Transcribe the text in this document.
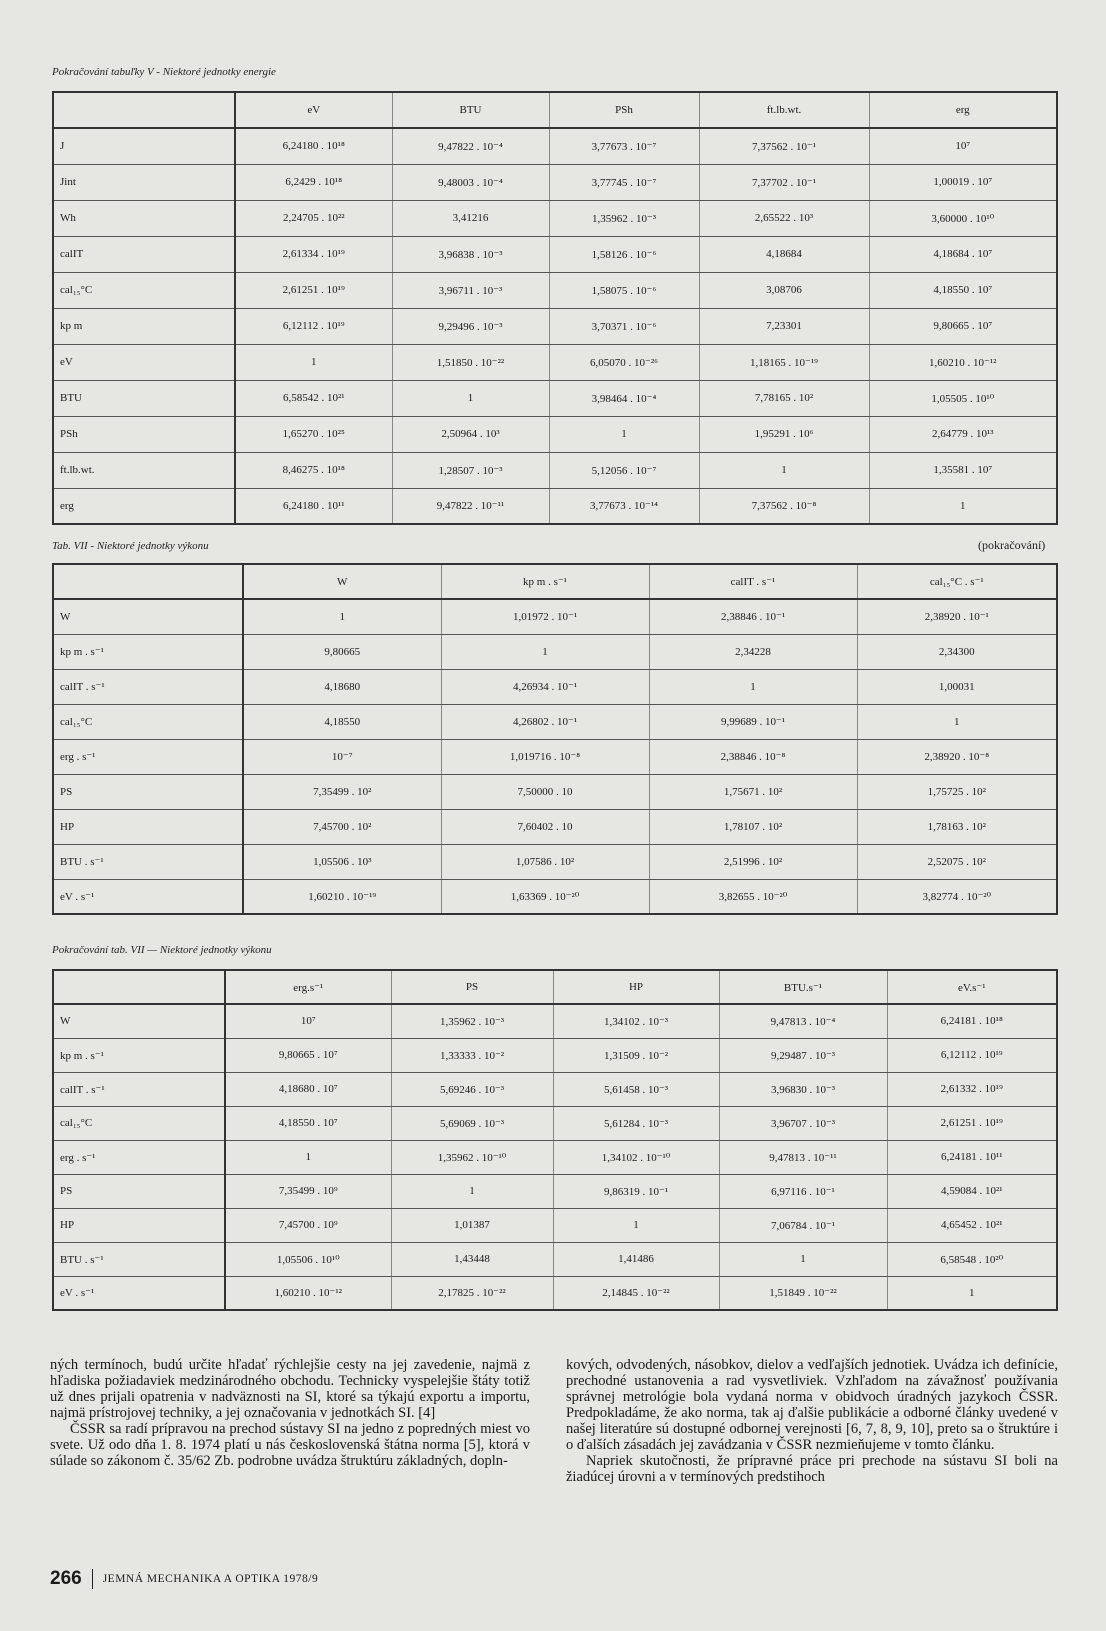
Pokračování tabuľky V - Niektoré jednotky energie
	eV	BTU	PSh	ft.lb.wt.	erg
J	6,24180 . 10¹⁸	9,47822 . 10⁻⁴	3,77673 . 10⁻⁷	7,37562 . 10⁻¹	10⁷
Jint	6,2429 . 10¹⁸	9,48003 . 10⁻⁴	3,77745 . 10⁻⁷	7,37702 . 10⁻¹	1,00019 . 10⁷
Wh	2,24705 . 10²²	3,41216	1,35962 . 10⁻³	2,65522 . 10³	3,60000 . 10¹⁰
calIT	2,61334 . 10¹⁹	3,96838 . 10⁻³	1,58126 . 10⁻⁶	4,18684	4,18684 . 10⁷
cal₁₅°C	2,61251 . 10¹⁹	3,96711 . 10⁻³	1,58075 . 10⁻⁶	3,08706	4,18550 . 10⁷
kp m	6,12112 . 10¹⁹	9,29496 . 10⁻³	3,70371 . 10⁻⁶	7,23301	9,80665 . 10⁷
eV	1	1,51850 . 10⁻²²	6,05070 . 10⁻²⁶	1,18165 . 10⁻¹⁹	1,60210 . 10⁻¹²
BTU	6,58542 . 10²¹	1	3,98464 . 10⁻⁴	7,78165 . 10²	1,05505 . 10¹⁰
PSh	1,65270 . 10²⁵	2,50964 . 10³	1	1,95291 . 10⁶	2,64779 . 10¹³
ft.lb.wt.	8,46275 . 10¹⁸	1,28507 . 10⁻³	5,12056 . 10⁻⁷	1	1,35581 . 10⁷
erg	6,24180 . 10¹¹	9,47822 . 10⁻¹¹	3,77673 . 10⁻¹⁴	7,37562 . 10⁻⁸	1
Tab. VII - Niektoré jednotky výkonu	(pokračování)
	W	kp m . s⁻¹	calIT . s⁻¹	cal₁₅°C . s⁻¹
W	1	1,01972 . 10⁻¹	2,38846 . 10⁻¹	2,38920 . 10⁻¹
kp m . s⁻¹	9,80665	1	2,34228	2,34300
calIT . s⁻¹	4,18680	4,26934 . 10⁻¹	1	1,00031
cal₁₅°C	4,18550	4,26802 . 10⁻¹	9,99689 . 10⁻¹	1
erg . s⁻¹	10⁻⁷	1,019716 . 10⁻⁸	2,38846 . 10⁻⁸	2,38920 . 10⁻⁸
PS	7,35499 . 10²	7,50000 . 10	1,75671 . 10²	1,75725 . 10²
HP	7,45700 . 10²	7,60402 . 10	1,78107 . 10²	1,78163 . 10²
BTU . s⁻¹	1,05506 . 10³	1,07586 . 10²	2,51996 . 10²	2,52075 . 10²
eV . s⁻¹	1,60210 . 10⁻¹⁹	1,63369 . 10⁻²⁰	3,82655 . 10⁻²⁰	3,82774 . 10⁻²⁰
Pokračování tab. VII — Niektoré jednotky výkonu
	erg.s⁻¹	PS	HP	BTU.s⁻¹	eV.s⁻¹
W	10⁷	1,35962 . 10⁻³	1,34102 . 10⁻³	9,47813 . 10⁻⁴	6,24181 . 10¹⁸
kp m . s⁻¹	9,80665 . 10⁷	1,33333 . 10⁻²	1,31509 . 10⁻²	9,29487 . 10⁻³	6,12112 . 10¹⁹
calIT . s⁻¹	4,18680 . 10⁷	5,69246 . 10⁻³	5,61458 . 10⁻³	3,96830 . 10⁻³	2,61332 . 10¹⁹
cal₁₅°C	4,18550 . 10⁷	5,69069 . 10⁻³	5,61284 . 10⁻³	3,96707 . 10⁻³	2,61251 . 10¹⁹
erg . s⁻¹	1	1,35962 . 10⁻¹⁰	1,34102 . 10⁻¹⁰	9,47813 . 10⁻¹¹	6,24181 . 10¹¹
PS	7,35499 . 10⁹	1	9,86319 . 10⁻¹	6,97116 . 10⁻¹	4,59084 . 10²¹
HP	7,45700 . 10⁹	1,01387	1	7,06784 . 10⁻¹	4,65452 . 10²¹
BTU . s⁻¹	1,05506 . 10¹⁰	1,43448	1,41486	1	6,58548 . 10²⁰
eV . s⁻¹	1,60210 . 10⁻¹²	2,17825 . 10⁻²²	2,14845 . 10⁻²²	1,51849 . 10⁻²²	1

ných termínoch, budú určite hľadať rýchlejšie cesty na jej zavedenie, najmä z hľadiska požiadaviek medzinárodného obchodu. Technicky vyspelejšie štáty totiž už dnes prijali opatrenia v nadväznosti na SI, ktoré sa týkajú exportu a importu, najmä prístrojovej techniky, a jej označovania v jednotkách SI. [4]

ČSSR sa radí prípravou na prechod sústavy SI na jedno z popredných miest vo svete. Už odo dňa 1. 8. 1974 platí u nás československá štátna norma [5], ktorá v súlade so zákonom č. 35/62 Zb. podrobne uvádza štruktúru základných, dopln-

kových, odvodených, násobkov, dielov a vedľajších jednotiek. Uvádza ich definície, prechodné ustanovenia a rad vysvetliviek. Vzhľadom na závažnosť používania správnej metrológie bola vydaná norma v obidvoch úradných jazykoch ČSSR. Predpokladáme, že ako norma, tak aj ďalšie publikácie a odborné články uvedené v našej literatúre sú dostupné odbornej verejnosti [6, 7, 8, 9, 10], preto sa o štruktúre i o ďalších zásadách jej zavádzania v ČSSR nezmieňujeme v tomto článku.

Napriek skutočnosti, že prípravné práce pri prechode na sústavu SI boli na žiadúcej úrovni a v termínových predstihoch

266 JEMNÁ MECHANIKA A OPTIKA 1978/9
